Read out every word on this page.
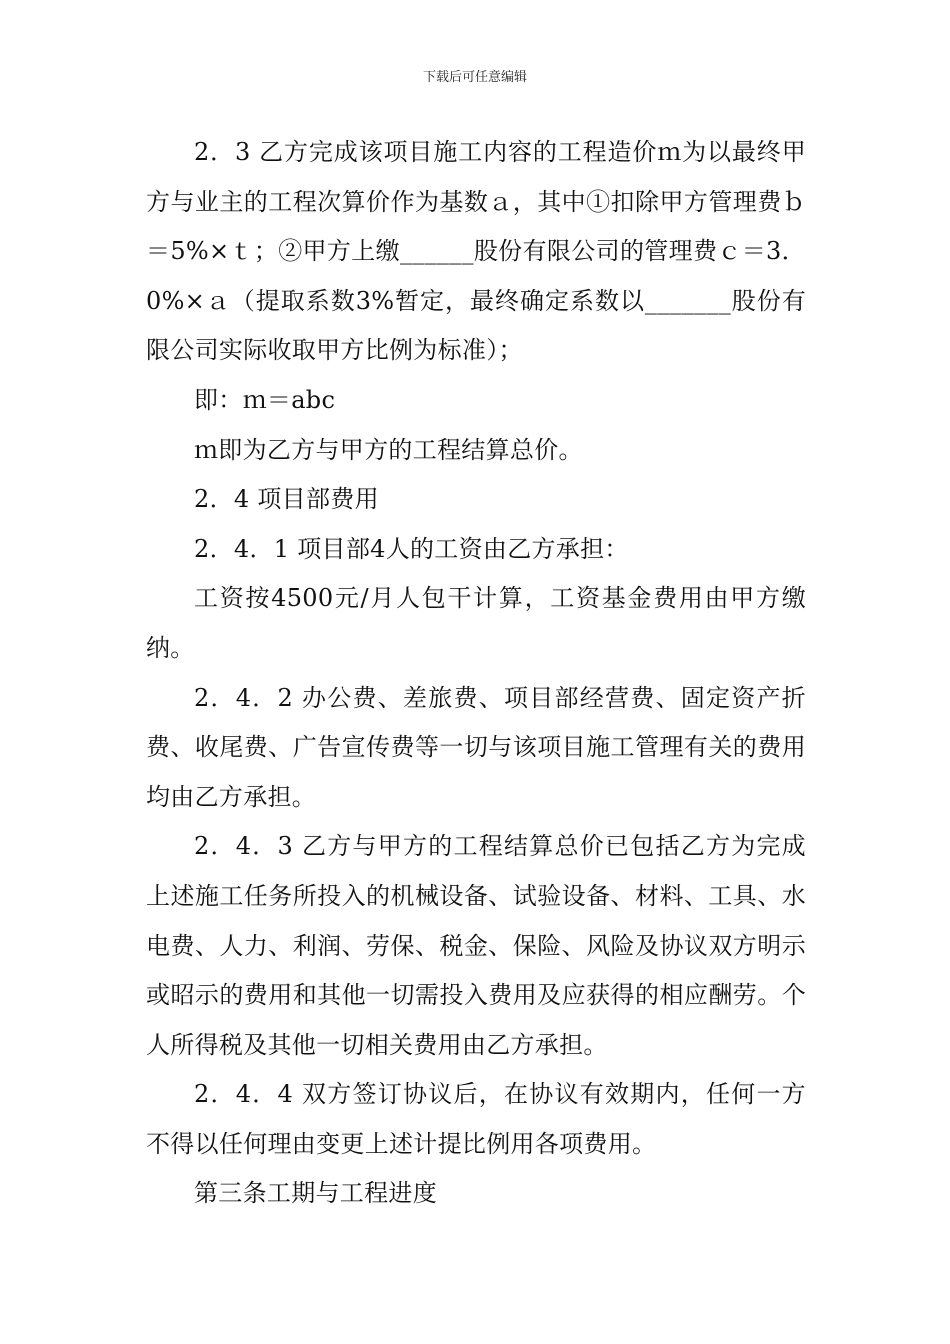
下载后可任意编辑

2．3 乙方完成该项目施工内容的工程造价ｍ为以最终甲方与业主的工程次算价作为基数ａ，其中①扣除甲方管理费ｂ＝5%×ｔ；②甲方上缴______股份有限公司的管理费ｃ＝3．0%×ａ（提取系数3%暂定，最终确定系数以_______股份有限公司实际收取甲方比例为标准）；

即：ｍ＝abc

ｍ即为乙方与甲方的工程结算总价。

2．4 项目部费用

2．4．1 项目部4人的工资由乙方承担：

工资按4500元/月人包干计算，工资基金费用由甲方缴纳。

2．4．2 办公费、差旅费、项目部经营费、固定资产折费、收尾费、广告宣传费等一切与该项目施工管理有关的费用均由乙方承担。

2．4．3 乙方与甲方的工程结算总价已包括乙方为完成上述施工任务所投入的机械设备、试验设备、材料、工具、水电费、人力、利润、劳保、税金、保险、风险及协议双方明示或昭示的费用和其他一切需投入费用及应获得的相应酬劳。个人所得税及其他一切相关费用由乙方承担。

2．4．4 双方签订协议后，在协议有效期内，任何一方不得以任何理由变更上述计提比例用各项费用。

第三条工期与工程进度
